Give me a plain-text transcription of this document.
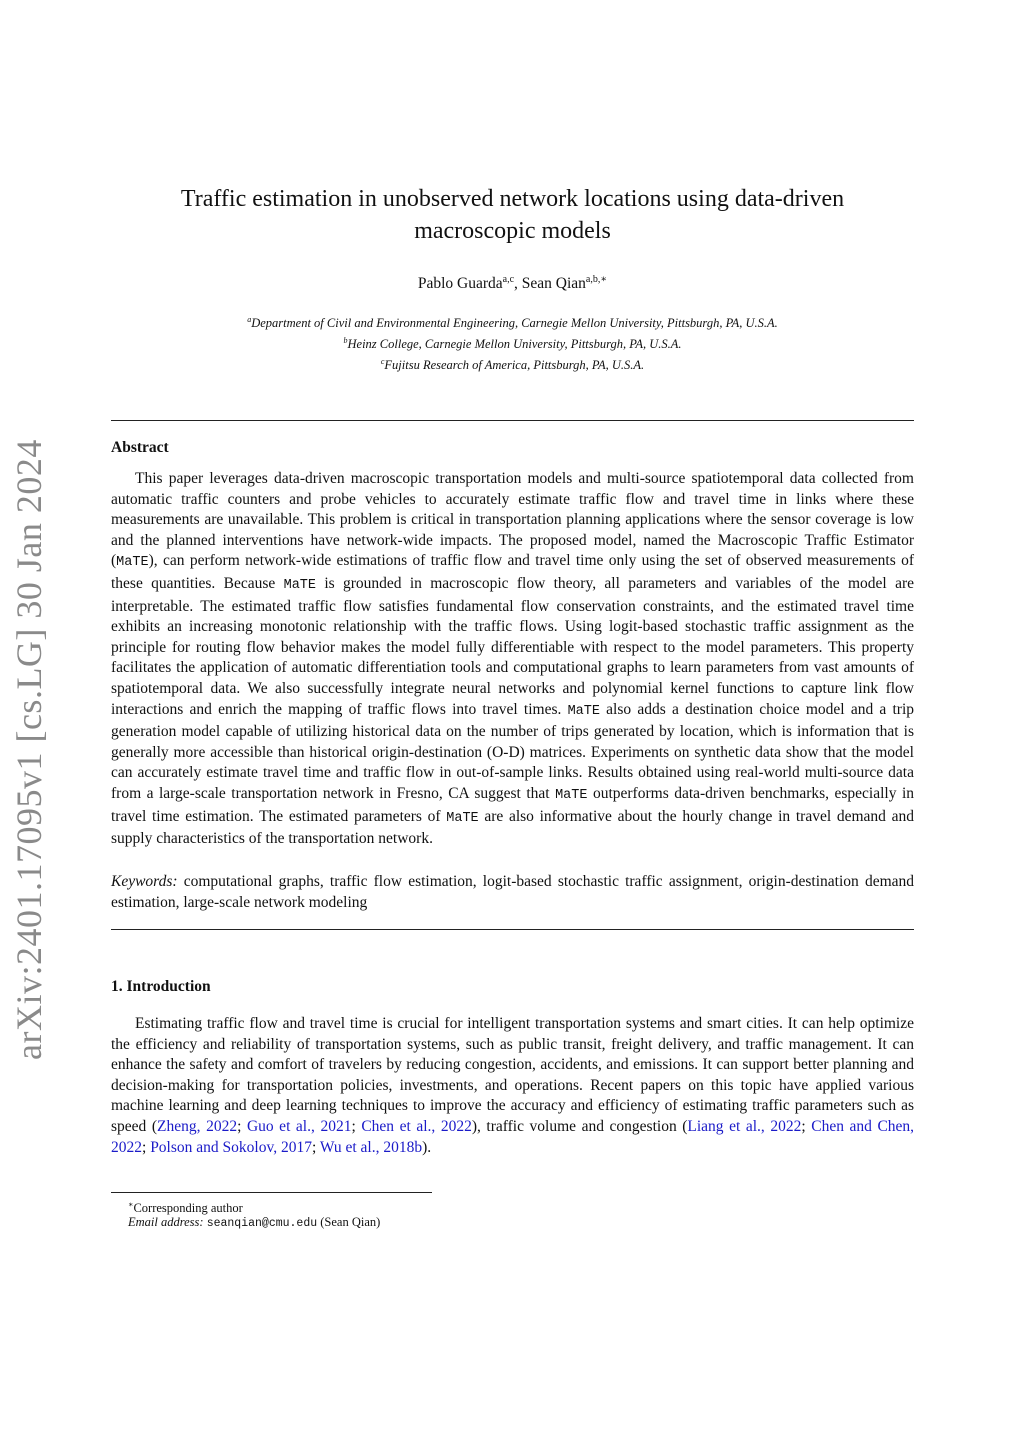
arXiv:2401.17095v1 [cs.LG] 30 Jan 2024
Traffic estimation in unobserved network locations using data-driven
macroscopic models
Pablo Guarda$^{a,c}$, Sean Qian$^{a,b,∗}$
$^a$Department of Civil and Environmental Engineering, Carnegie Mellon University, Pittsburgh, PA, U.S.A.
$^b$Heinz College, Carnegie Mellon University, Pittsburgh, PA, U.S.A.
$^c$Fujitsu Research of America, Pittsburgh, PA, U.S.A.
Abstract

This paper leverages data-driven macroscopic transportation models and multi-source spatiotemporal data collected from automatic traffic counters and probe vehicles to accurately estimate traffic flow and travel time in links where these measurements are unavailable. This problem is critical in transportation planning applications where the sensor coverage is low and the planned interventions have network-wide impacts. The proposed model, named the Macroscopic Traffic Estimator (MaTE), can perform network-wide estimations of traffic flow and travel time only using the set of observed measurements of these quantities. Because MaTE is grounded in macroscopic flow theory, all parameters and variables of the model are interpretable. The estimated traffic flow satisfies fundamental flow conservation constraints, and the estimated travel time exhibits an increasing monotonic relationship with the traffic flows. Using logit-based stochastic traffic assignment as the principle for routing flow behavior makes the model fully differentiable with respect to the model parameters. This property facilitates the application of automatic differentiation tools and computational graphs to learn parameters from vast amounts of spatiotemporal data. We also successfully integrate neural networks and polynomial kernel functions to capture link flow interactions and enrich the mapping of traffic flows into travel times. MaTE also adds a destination choice model and a trip generation model capable of utilizing historical data on the number of trips generated by location, which is information that is generally more accessible than historical origin-destination (O-D) matrices. Experiments on synthetic data show that the model can accurately estimate travel time and traffic flow in out-of-sample links. Results obtained using real-world multi-source data from a large-scale transportation network in Fresno, CA suggest that MaTE outperforms data-driven benchmarks, especially in travel time estimation. The estimated parameters of MaTE are also informative about the hourly change in travel demand and supply characteristics of the transportation network.

Keywords: computational graphs, traffic flow estimation, logit-based stochastic traffic assignment, origin-destination demand estimation, large-scale network modeling

1. Introduction

Estimating traffic flow and travel time is crucial for intelligent transportation systems and smart cities. It can help optimize the efficiency and reliability of transportation systems, such as public transit, freight delivery, and traffic management. It can enhance the safety and comfort of travelers by reducing congestion, accidents, and emissions. It can support better planning and decision-making for transportation policies, investments, and operations. Recent papers on this topic have applied various machine learning and deep learning techniques to improve the accuracy and efficiency of estimating traffic parameters such as speed (Zheng, 2022; Guo et al., 2021; Chen et al., 2022), traffic volume and congestion (Liang et al., 2022; Chen and Chen, 2022; Polson and Sokolov, 2017; Wu et al., 2018b).

∗Corresponding author
Email address: seanqian@cmu.edu (Sean Qian)
